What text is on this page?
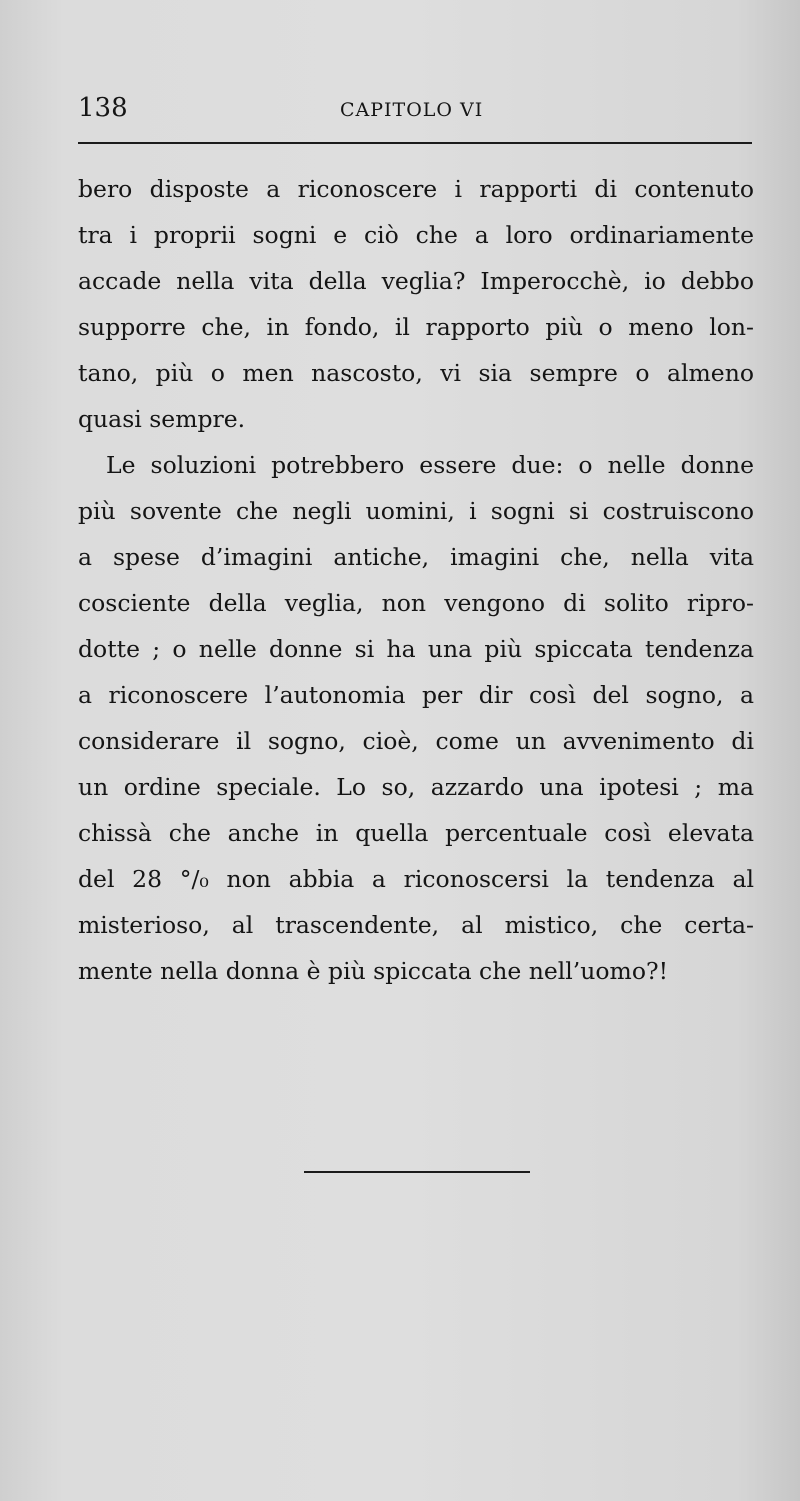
138	CAPITOLO VI
bero disposte a riconoscere i rapporti di contenuto
tra i proprii sogni e ciò che a loro ordinariamente
accade nella vita della veglia? Imperocchè, io debbo
supporre che, in fondo, il rapporto più o meno lon-
tano, più o men nascosto, vi sia sempre o almeno
quasi sempre.
Le soluzioni potrebbero essere due: o nelle donne
più sovente che negli uomini, i sogni si costruiscono
a spese d’imagini antiche, imagini che, nella vita
cosciente della veglia, non vengono di solito ripro-
dotte ; o nelle donne si ha una più spiccata tendenza
a riconoscere l’autonomia per dir così del sogno, a
considerare il sogno, cioè, come un avvenimento di
un ordine speciale. Lo so, azzardo una ipotesi ; ma
chissà che anche in quella percentuale così elevata
del 28 °/₀ non abbia a riconoscersi la tendenza al
misterioso, al trascendente, al mistico, che certa-
mente nella donna è più spiccata che nell’uomo?!
